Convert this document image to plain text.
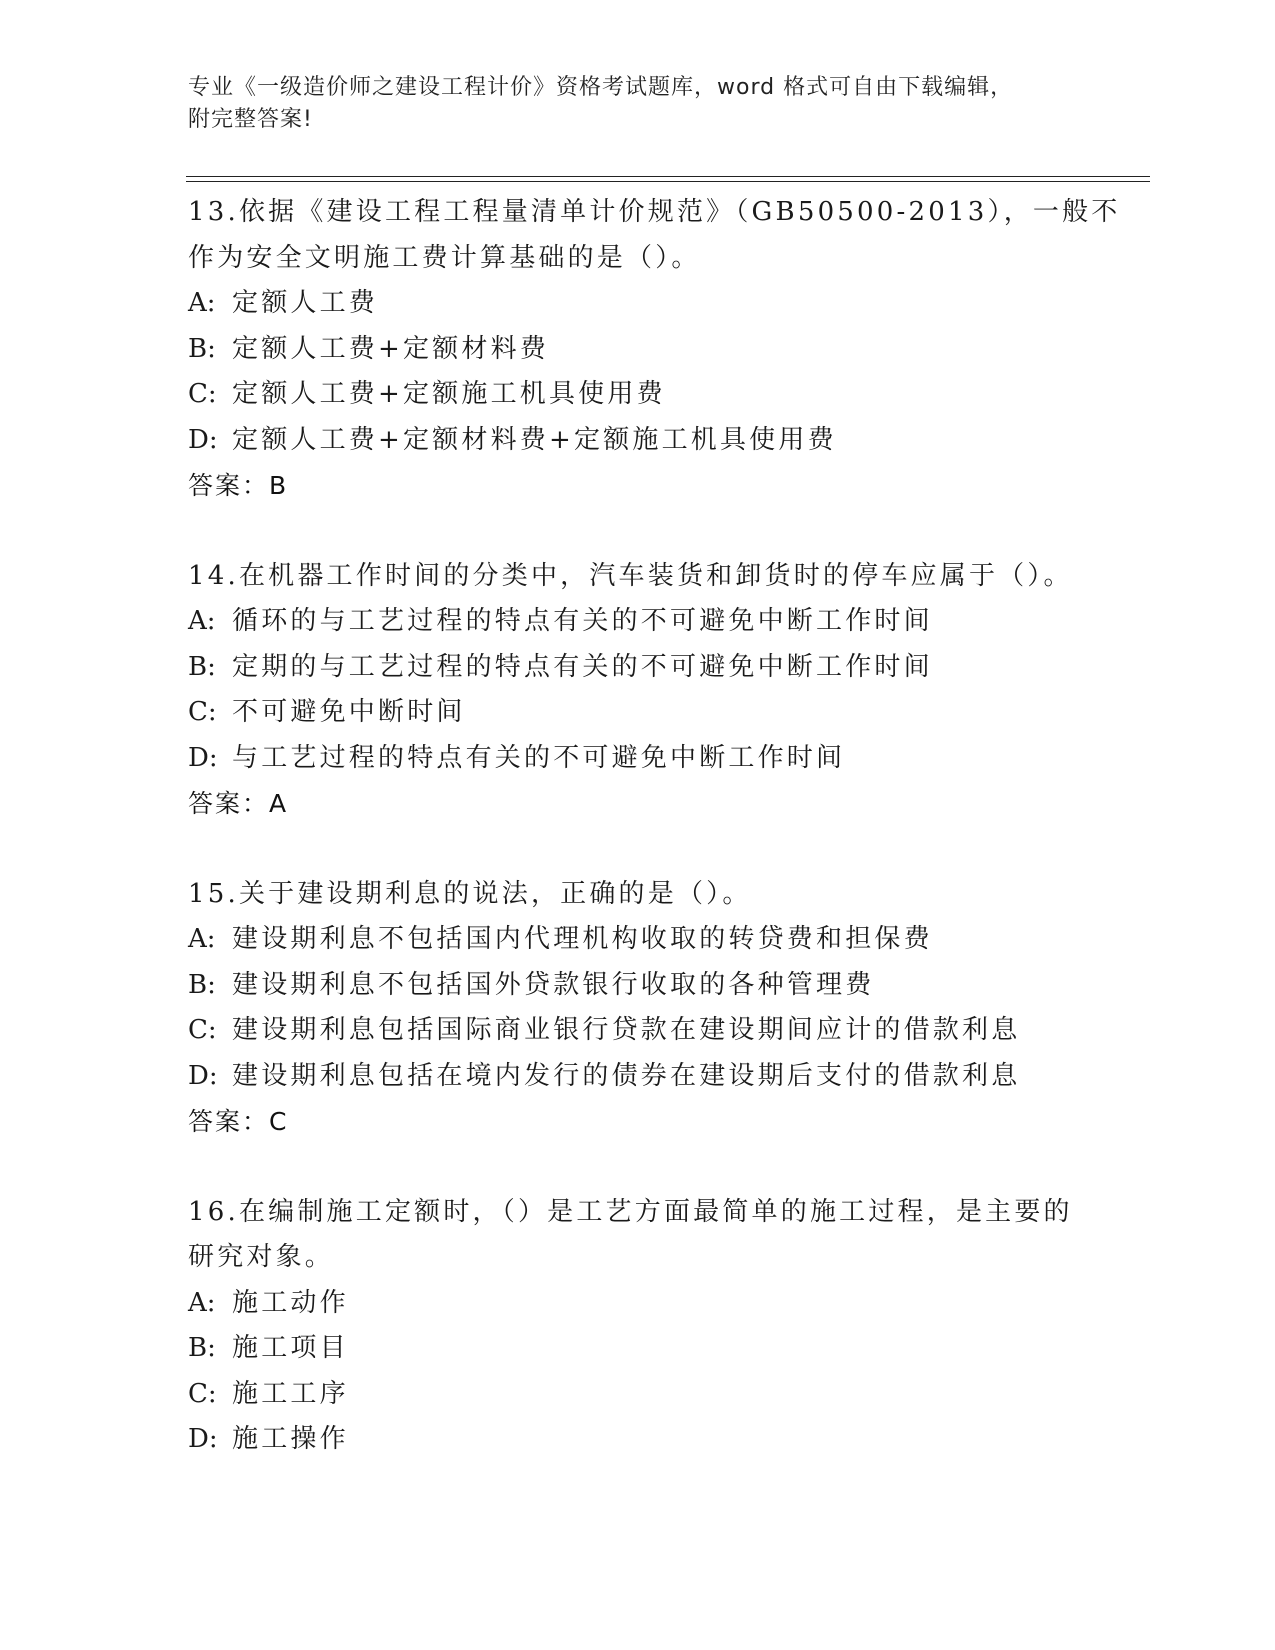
专业《一级造价师之建设工程计价》资格考试题库，word 格式可自由下载编辑，
附完整答案!
13.依据《建设工程工程量清单计价规范》（GB50500-2013），一般不
作为安全文明施工费计算基础的是（）。
A: 定额人工费
B: 定额人工费+定额材料费
C: 定额人工费+定额施工机具使用费
D: 定额人工费+定额材料费+定额施工机具使用费
答案：B
14.在机器工作时间的分类中，汽车装货和卸货时的停车应属于（）。
A: 循环的与工艺过程的特点有关的不可避免中断工作时间
B: 定期的与工艺过程的特点有关的不可避免中断工作时间
C: 不可避免中断时间
D: 与工艺过程的特点有关的不可避免中断工作时间
答案：A
15.关于建设期利息的说法，正确的是（）。
A: 建设期利息不包括国内代理机构收取的转贷费和担保费
B: 建设期利息不包括国外贷款银行收取的各种管理费
C: 建设期利息包括国际商业银行贷款在建设期间应计的借款利息
D: 建设期利息包括在境内发行的债券在建设期后支付的借款利息
答案：C
16.在编制施工定额时，（）是工艺方面最简单的施工过程，是主要的
研究对象。
A: 施工动作
B: 施工项目
C: 施工工序
D: 施工操作
